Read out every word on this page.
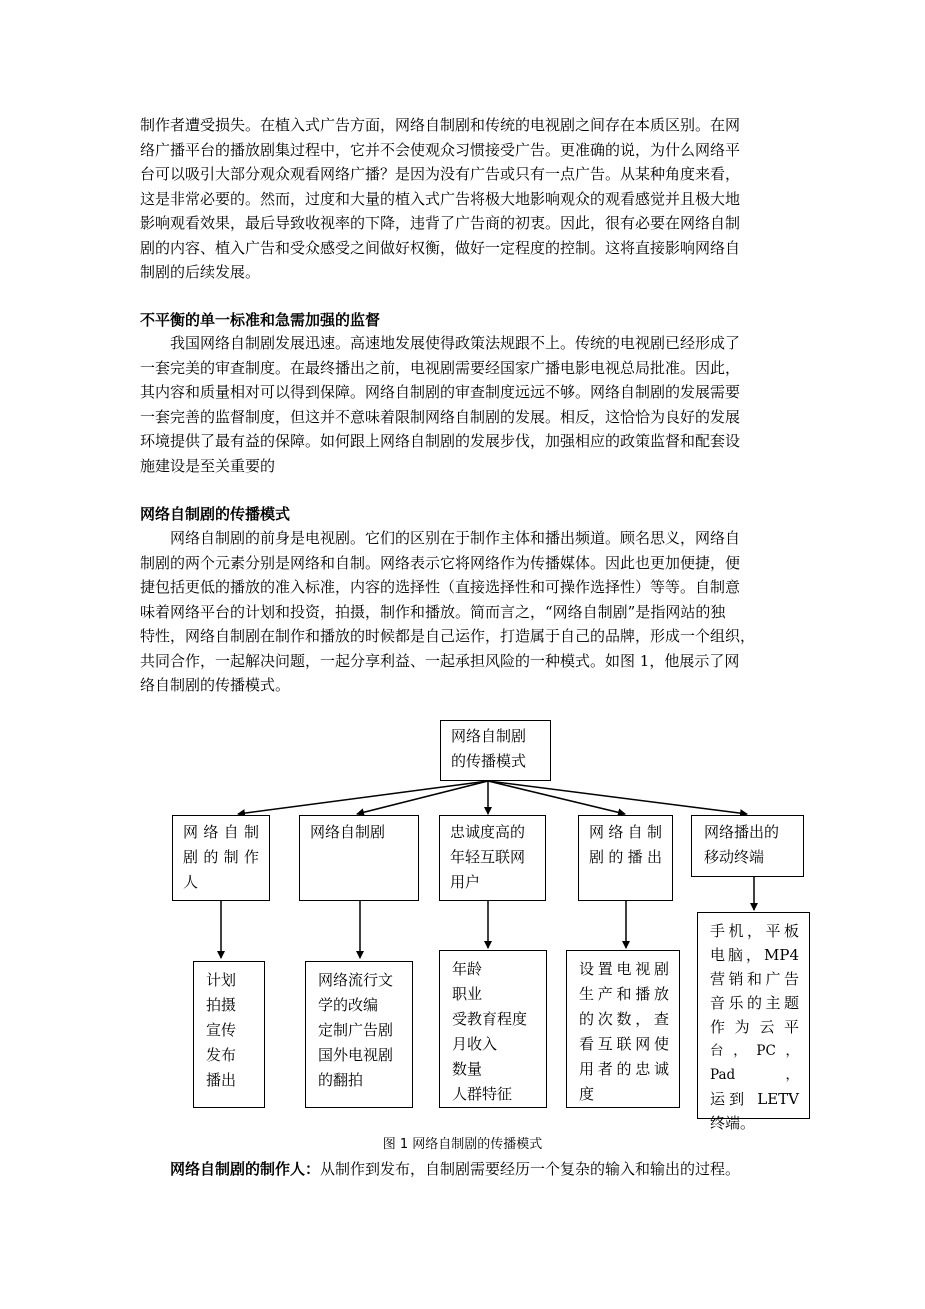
制作者遭受损失。在植入式广告方面，网络自制剧和传统的电视剧之间存在本质区别。在网
络广播平台的播放剧集过程中，它并不会使观众习惯接受广告。更准确的说，为什么网络平
台可以吸引大部分观众观看网络广播？是因为没有广告或只有一点广告。从某种角度来看，
这是非常必要的。然而，过度和大量的植入式广告将极大地影响观众的观看感觉并且极大地
影响观看效果，最后导致收视率的下降，违背了广告商的初衷。因此，很有必要在网络自制
剧的内容、植入广告和受众感受之间做好权衡，做好一定程度的控制。这将直接影响网络自
制剧的后续发展。

不平衡的单一标准和急需加强的监督

我国网络自制剧发展迅速。高速地发展使得政策法规跟不上。传统的电视剧已经形成了
一套完美的审查制度。在最终播出之前，电视剧需要经国家广播电影电视总局批准。因此，
其内容和质量相对可以得到保障。网络自制剧的审查制度远远不够。网络自制剧的发展需要
一套完善的监督制度，但这并不意味着限制网络自制剧的发展。相反，这恰恰为良好的发展
环境提供了最有益的保障。如何跟上网络自制剧的发展步伐，加强相应的政策监督和配套设
施建设是至关重要的

网络自制剧的传播模式

网络自制剧的前身是电视剧。它们的区别在于制作主体和播出频道。顾名思义，网络自
制剧的两个元素分别是网络和自制。网络表示它将网络作为传播媒体。因此也更加便捷，便
捷包括更低的播放的准入标准，内容的选择性（直接选择性和可操作选择性）等等。自制意
味着网络平台的计划和投资，拍摄，制作和播放。简而言之，“网络自制剧”是指网站的独
特性，网络自制剧在制作和播放的时候都是自己运作，打造属于自己的品牌，形成一个组织，
共同合作，一起解决问题，一起分享利益、一起承担风险的一种模式。如图 1，他展示了网
络自制剧的传播模式。

网络自制剧
的传播模式
网络自制
剧的制作
人
网络自制剧	忠诚度高的
年轻互联网
用户
网络自制
剧的播出
网络播出的
移动终端
计划
拍摄
宣传
发布
播出
网络流行文
学的改编
定制广告剧
国外电视剧
的翻拍
年龄
职业
受教育程度
月收入
数量
人群特征
设置电视剧
生产和播放
的次数，查
看互联网使
用者的忠诚
度
手机，平板
电脑，MP4
营销和广告
音乐的主题
作为云平
台，PC，Pad，
运到 LETV
终端。
图 1 网络自制剧的传播模式
网络自制剧的制作人：从制作到发布，自制剧需要经历一个复杂的输入和输出的过程。
